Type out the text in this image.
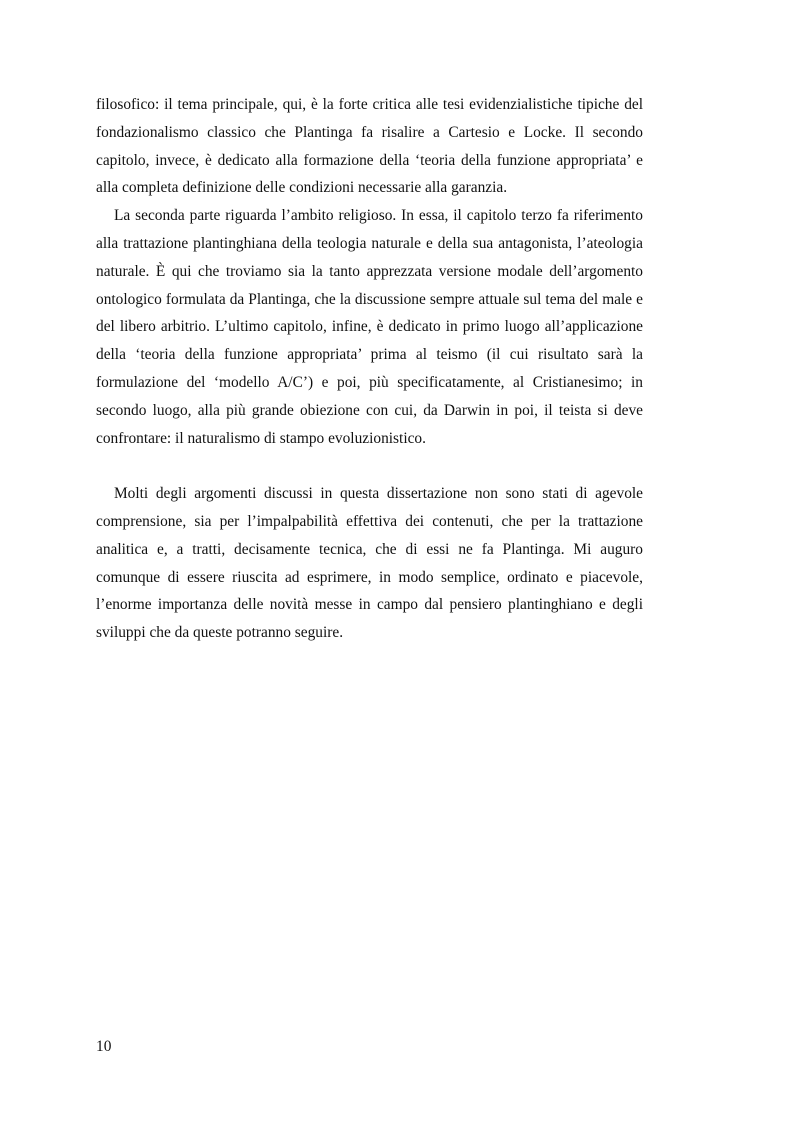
filosofico: il tema principale, qui, è la forte critica alle tesi evidenzialistiche tipiche del fondazionalismo classico che Plantinga fa risalire a Cartesio e Locke. Il secondo capitolo, invece, è dedicato alla formazione della ‘teoria della funzione appropriata’ e alla completa definizione delle condizioni necessarie alla garanzia.

La seconda parte riguarda l’ambito religioso. In essa, il capitolo terzo fa riferimento alla trattazione plantinghiana della teologia naturale e della sua antagonista, l’ateologia naturale. È qui che troviamo sia la tanto apprezzata versione modale dell’argomento ontologico formulata da Plantinga, che la discussione sempre attuale sul tema del male e del libero arbitrio. L’ultimo capitolo, infine, è dedicato in primo luogo all’applicazione della ‘teoria della funzione appropriata’ prima al teismo (il cui risultato sarà la formulazione del ‘modello A/C’) e poi, più specificatamente, al Cristianesimo; in secondo luogo, alla più grande obiezione con cui, da Darwin in poi, il teista si deve confrontare: il naturalismo di stampo evoluzionistico.

Molti degli argomenti discussi in questa dissertazione non sono stati di agevole comprensione, sia per l’impalpabilità effettiva dei contenuti, che per la trattazione analitica e, a tratti, decisamente tecnica, che di essi ne fa Plantinga. Mi auguro comunque di essere riuscita ad esprimere, in modo semplice, ordinato e piacevole, l’enorme importanza delle novità messe in campo dal pensiero plantinghiano e degli sviluppi che da queste potranno seguire.

10
